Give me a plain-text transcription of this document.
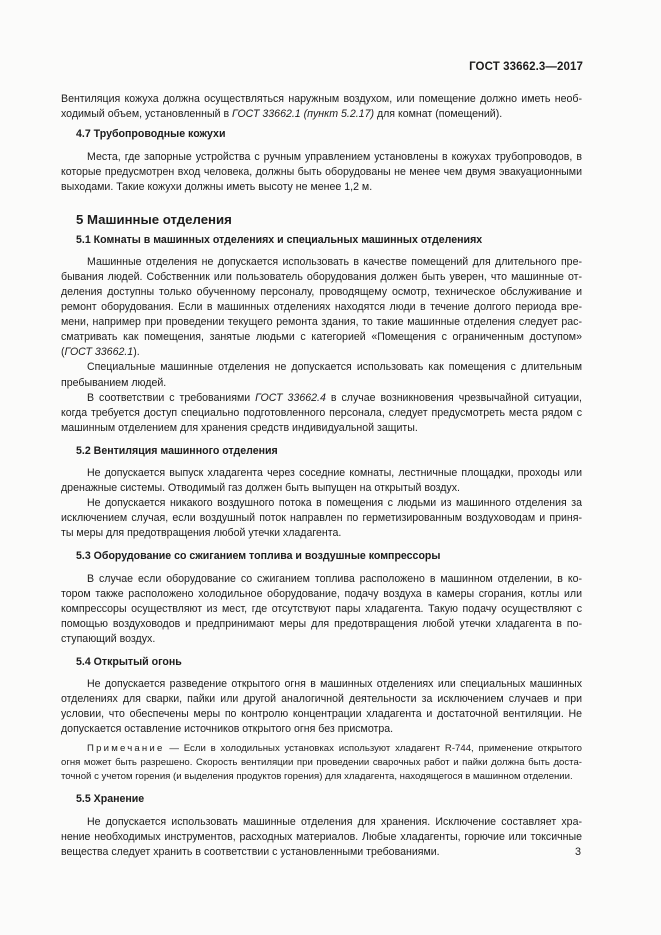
ГОСТ 33662.3—2017
Вентиляция кожуха должна осуществляться наружным воздухом, или помещение должно иметь необ-
ходимый объем, установленный в ГОСТ 33662.1 (пункт 5.2.17) для комнат (помещений).
4.7 Трубопроводные кожухи
Места, где запорные устройства с ручным управлением установлены в кожухах трубопроводов, в
которые предусмотрен вход человека, должны быть оборудованы не менее чем двумя эвакуационными
выходами. Такие кожухи должны иметь высоту не менее 1,2 м.
5 Машинные отделения
5.1 Комнаты в машинных отделениях и специальных машинных отделениях
Машинные отделения не допускается использовать в качестве помещений для длительного пре-
бывания людей. Собственник или пользователь оборудования должен быть уверен, что машинные от-
деления доступны только обученному персоналу, проводящему осмотр, техническое обслуживание и
ремонт оборудования. Если в машинных отделениях находятся люди в течение долгого периода вре-
мени, например при проведении текущего ремонта здания, то такие машинные отделения следует рас-
сматривать как помещения, занятые людьми с категорией «Помещения с ограниченным доступом»
(ГОСТ 33662.1).
Специальные машинные отделения не допускается использовать как помещения с длительным
пребыванием людей.
В соответствии с требованиями ГОСТ 33662.4 в случае возникновения чрезвычайной ситуации,
когда требуется доступ специально подготовленного персонала, следует предусмотреть места рядом с
машинным отделением для хранения средств индивидуальной защиты.
5.2 Вентиляция машинного отделения
Не допускается выпуск хладагента через соседние комнаты, лестничные площадки, проходы или
дренажные системы. Отводимый газ должен быть выпущен на открытый воздух.
Не допускается никакого воздушного потока в помещения с людьми из машинного отделения за
исключением случая, если воздушный поток направлен по герметизированным воздуховодам и приня-
ты меры для предотвращения любой утечки хладагента.
5.3 Оборудование со сжиганием топлива и воздушные компрессоры
В случае если оборудование со сжиганием топлива расположено в машинном отделении, в ко-
тором также расположено холодильное оборудование, подачу воздуха в камеры сгорания, котлы или
компрессоры осуществляют из мест, где отсутствуют пары хладагента. Такую подачу осуществляют с
помощью воздуховодов и предпринимают меры для предотвращения любой утечки хладагента в по-
ступающий воздух.
5.4 Открытый огонь
Не допускается разведение открытого огня в машинных отделениях или специальных машинных
отделениях для сварки, пайки или другой аналогичной деятельности за исключением случаев и при
условии, что обеспечены меры по контролю концентрации хладагента и достаточной вентиляции. Не
допускается оставление источников открытого огня без присмотра.
Примечание — Если в холодильных установках используют хладагент R-744, применение открытого
огня может быть разрешено. Скорость вентиляции при проведении сварочных работ и пайки должна быть доста-
точной с учетом горения (и выделения продуктов горения) для хладагента, находящегося в машинном отделении.
5.5 Хранение
Не допускается использовать машинные отделения для хранения. Исключение составляет хра-
нение необходимых инструментов, расходных материалов. Любые хладагенты, горючие или токсичные
вещества следует хранить в соответствии с установленными требованиями.	3
